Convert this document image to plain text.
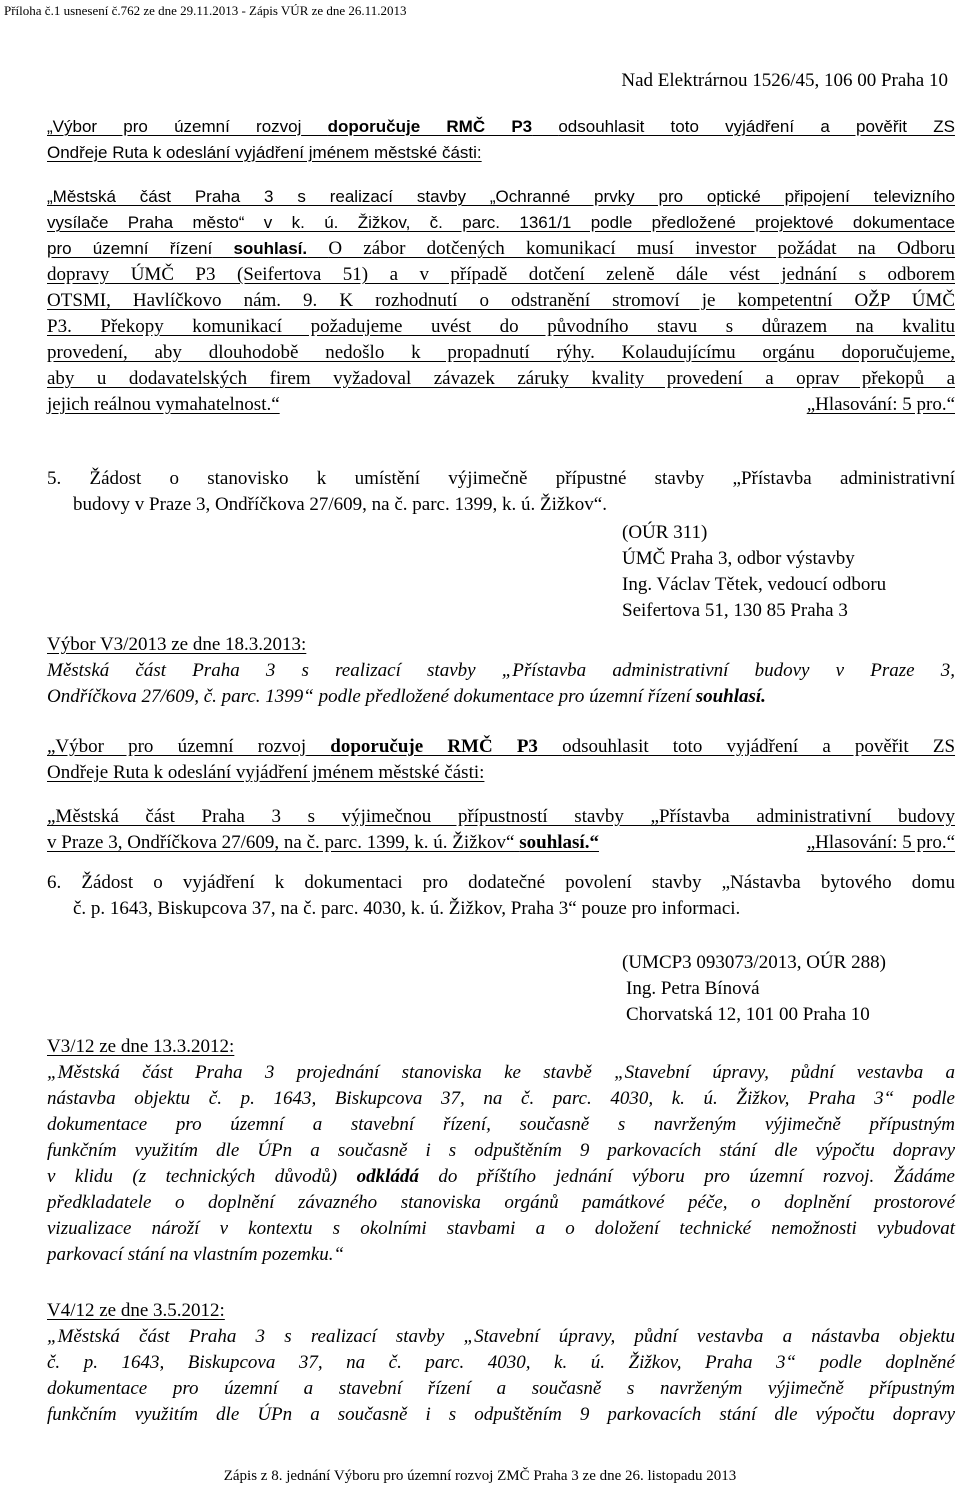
Příloha č.1 usnesení č.762 ze dne 29.11.2013 - Zápis VÚR ze dne 26.11.2013
Nad Elektrárnou 1526/45, 106 00 Praha 10
„Výbor pro územní rozvoj doporučuje RMČ P3 odsouhlasit toto vyjádření a pověřit ZS
Ondřeje Ruta k odeslání vyjádření jménem městské části:
„Městská část Praha 3 s realizací stavby „Ochranné prvky pro optické připojení televizního
vysílače Praha město“ v k. ú. Žižkov, č. parc. 1361/1 podle předložené projektové dokumentace
pro územní řízení souhlasí. O zábor dotčených komunikací musí investor požádat na Odboru
dopravy ÚMČ P3 (Seifertova 51) a v případě dotčení zeleně dále vést jednání s odborem
OTSMI, Havlíčkovo nám. 9. K rozhodnutí o odstranění stromoví je kompetentní OŽP ÚMČ
P3. Překopy komunikací požadujeme uvést do původního stavu s důrazem na kvalitu
provedení, aby dlouhodobě nedošlo k propadnutí rýhy. Kolaudujícímu orgánu doporučujeme,
aby u dodavatelských firem vyžadoval závazek záruky kvality provedení a oprav překopů a
jejich reálnou vymahatelnost.“	„Hlasování: 5 pro.“
5. Žádost o stanovisko k umístění výjimečně přípustné stavby „Přístavba administrativní
budovy v Praze 3, Ondříčkova 27/609, na č. parc. 1399, k. ú. Žižkov“.
(OÚR 311)
ÚMČ Praha 3, odbor výstavby
Ing. Václav Tětek, vedoucí odboru
Seifertova 51, 130 85 Praha 3
Výbor V3/2013 ze dne 18.3.2013:
Městská část Praha 3 s realizací stavby „Přístavba administrativní budovy v Praze 3,
Ondříčkova 27/609, č. parc. 1399“ podle předložené dokumentace pro územní řízení souhlasí.
„Výbor pro územní rozvoj doporučuje RMČ P3 odsouhlasit toto vyjádření a pověřit ZS
Ondřeje Ruta k odeslání vyjádření jménem městské části:
„Městská část Praha 3 s výjimečnou přípustností stavby „Přístavba administrativní budovy
v Praze 3, Ondříčkova 27/609, na č. parc. 1399, k. ú. Žižkov“ souhlasí.“	„Hlasování: 5 pro.“
6. Žádost o vyjádření k dokumentaci pro dodatečné povolení stavby „Nástavba bytového domu
č. p. 1643, Biskupcova 37, na č. parc. 4030, k. ú. Žižkov, Praha 3“ pouze pro informaci.
(UMCP3 093073/2013, OÚR 288)
Ing. Petra Bínová
Chorvatská 12, 101 00 Praha 10
V3/12 ze dne 13.3.2012:
„Městská část Praha 3 projednání stanoviska ke stavbě „Stavební úpravy, půdní vestavba a
nástavba objektu č. p. 1643, Biskupcova 37, na č. parc. 4030, k. ú. Žižkov, Praha 3“ podle
dokumentace pro územní a stavební řízení, současně s navrženým výjimečně přípustným
funkčním využitím dle ÚPn a současně i s odpuštěním 9 parkovacích stání dle výpočtu dopravy
v klidu (z technických důvodů) odkládá do příštího jednání výboru pro územní rozvoj. Žádáme
předkladatele o doplnění závazného stanoviska orgánů památkové péče, o doplnění prostorové
vizualizace nároží v kontextu s okolními stavbami a o doložení technické nemožnosti vybudovat
parkovací stání na vlastním pozemku.“
V4/12 ze dne 3.5.2012:
„Městská část Praha 3 s realizací stavby „Stavební úpravy, půdní vestavba a nástavba objektu
č. p. 1643, Biskupcova 37, na č. parc. 4030, k. ú. Žižkov, Praha 3“ podle doplněné
dokumentace pro územní a stavební řízení a současně s navrženým výjimečně přípustným
funkčním využitím dle ÚPn a současně i s odpuštěním 9 parkovacích stání dle výpočtu dopravy
Zápis z 8. jednání Výboru pro územní rozvoj ZMČ Praha 3 ze dne 26. listopadu 2013
